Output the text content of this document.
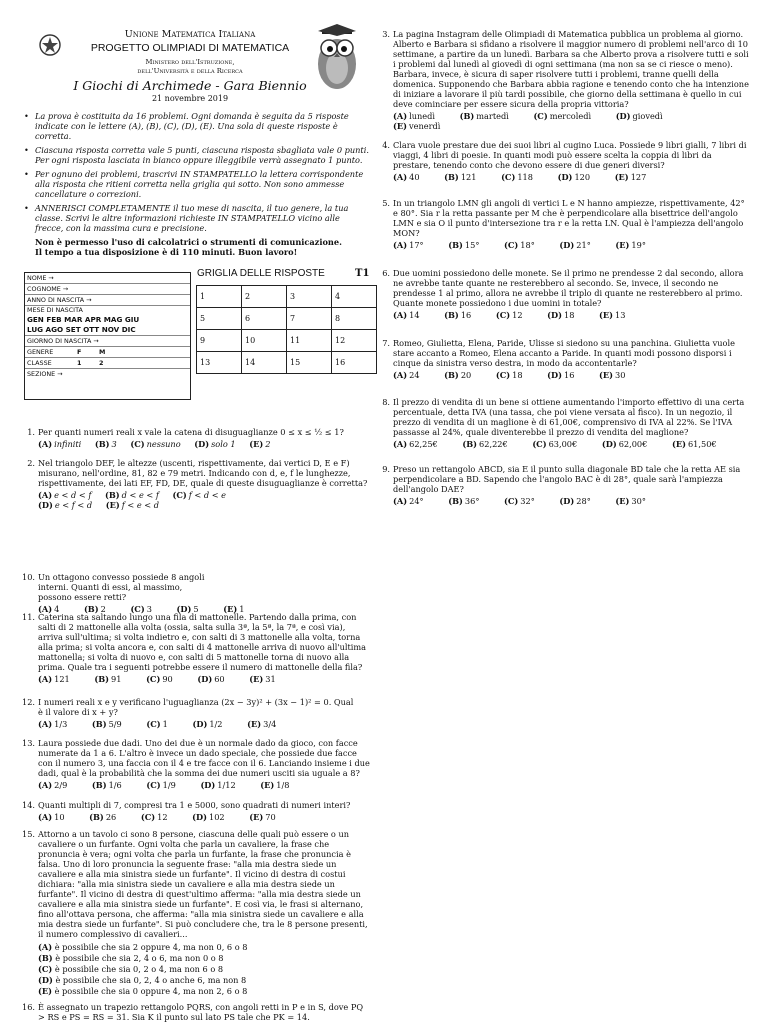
Unione Matematica Italiana
PROGETTO OLIMPIADI DI MATEMATICA
Ministero dell'Istruzione,
dell'Università e della Ricerca
I Giochi di Archimede - Gara Biennio
21 novembre 2019
• La prova è costituita da 16 problemi. Ogni domanda è seguita da 5 risposte indicate con le lettere (A), (B), (C), (D), (E). Una sola di queste risposte è corretta.
• Ciascuna risposta corretta vale 5 punti, ciascuna risposta sbagliata vale 0 punti. Per ogni risposta lasciata in bianco oppure illeggibile verrà assegnato 1 punto.
• Per ognuno dei problemi, trascrivi IN STAMPATELLO la lettera corrispondente alla risposta che ritieni corretta nella griglia qui sotto. Non sono ammesse cancellature o correzioni.
• ANNERISCI COMPLETAMENTE il tuo mese di nascita, il tuo genere, la tua classe. Scrivi le altre informazioni richieste IN STAMPATELLO vicino alle frecce, con la massima cura e precisione.
Non è permesso l'uso di calcolatrici o strumenti di comunicazione.
Il tempo a tua disposizione è di 110 minuti. Buon lavoro!
NOME →
COGNOME →
ANNO DI NASCITA →
MESE DI NASCITA
GEN FEB MAR APR MAG GIU
LUG AGO SET OTT NOV DIC
GIORNO DI NASCITA →
GENERE	F	M
CLASSE	1	2
SEZIONE →
GRIGLIA DELLE RISPOSTE	T1
1	2	3	4
5	6	7	8
9	10	11	12
13	14	15	16
1. Per quanti numeri reali x vale la catena di disuguaglianze 0 ≤ x ≤ ½ ≤ 1?
(A) infiniti (B) 3 (C) nessuno (D) solo 1 (E) 2
2. Nel triangolo DEF, le altezze (uscenti, rispettivamente, dai vertici D, E e F) misurano, nell'ordine, 81, 82 e 79 metri. Indicando con d, e, f le lunghezze, rispettivamente, dei lati EF, FD, DE, quale di queste disuguaglianze è corretta?
(A) e < d < f (B) d < e < f (C) f < d < e
(D) e < f < d (E) f < e < d
10. Un ottagono convesso possiede 8 angoli interni. Quanti di essi, al massimo, possono essere retti?
(A) 4	(B) 2	(C) 3	(D) 5	(E) 1
11. Caterina sta saltando lungo una fila di mattonelle. Partendo dalla prima, con salti di 2 mattonelle alla volta (ossia, salta sulla 3ª, la 5ª, la 7ª, e così via), arriva sull'ultima; si volta indietro e, con salti di 3 mattonelle alla volta, torna alla prima; si volta ancora e, con salti di 4 mattonelle arriva di nuovo all'ultima mattonella; si volta di nuovo e, con salti di 5 mattonelle torna di nuovo alla prima. Quale tra i seguenti potrebbe essere il numero di mattonelle della fila?
(A) 121	(B) 91	(C) 90	(D) 60	(E) 31
12. I numeri reali x e y verificano l'uguaglianza (2x − 3y)² + (3x − 1)² = 0. Qual è il valore di x + y?
(A) 1/3	(B) 5/9	(C) 1	(D) 1/2	(E) 3/4
13. Laura possiede due dadi. Uno dei due è un normale dado da gioco, con facce numerate da 1 a 6. L'altro è invece un dado speciale, che possiede due facce con il numero 3, una faccia con il 4 e tre facce con il 6. Lanciando insieme i due dadi, qual è la probabilità che la somma dei due numeri usciti sia uguale a 8?
(A) 2/9	(B) 1/6	(C) 1/9	(D) 1/12	(E) 1/8
14. Quanti multipli di 7, compresi tra 1 e 5000, sono quadrati di numeri interi?
(A) 10	(B) 26	(C) 12	(D) 102	(E) 70
15. Attorno a un tavolo ci sono 8 persone, ciascuna delle quali può essere o un cavaliere o un furfante. Ogni volta che parla un cavaliere, la frase che pronuncia è vera; ogni volta che parla un furfante, la frase che pronuncia è falsa. Uno di loro pronuncia la seguente frase: "alla mia destra siede un cavaliere e alla mia sinistra siede un furfante". Il vicino di destra di costui dichiara: "alla mia sinistra siede un cavaliere e alla mia destra siede un furfante". Il vicino di destra di quest'ultimo afferma: "alla mia destra siede un cavaliere e alla mia sinistra siede un furfante". E così via, le frasi si alternano, fino all'ottava persona, che afferma: "alla mia sinistra siede un cavaliere e alla mia destra siede un furfante". Si può concludere che, tra le 8 persone presenti, il numero complessivo di cavalieri...
(A) è possibile che sia 2 oppure 4, ma non 0, 6 o 8
(B) è possibile che sia 2, 4 o 6, ma non 0 o 8
(C) è possibile che sia 0, 2 o 4, ma non 6 o 8
(D) è possibile che sia 0, 2, 4 o anche 6, ma non 8
(E) è possibile che sia 0 oppure 4, ma non 2, 6 o 8
16. È assegnato un trapezio rettangolo PQRS, con angoli retti in P e in S, dove PQ > RS e PS = RS = 31. Sia K il punto sul lato PS tale che PK = 14.
3. La pagina Instagram delle Olimpiadi di Matematica pubblica un problema al giorno. Alberto e Barbara si sfidano a risolvere il maggior numero di problemi nell'arco di 10 settimane, a partire da un lunedì. Barbara sa che Alberto prova a risolvere tutti e soli i problemi dal lunedì al giovedì di ogni settimana (ma non sa se ci riesce o meno). Barbara, invece, è sicura di saper risolvere tutti i problemi, tranne quelli della domenica. Supponendo che Barbara abbia ragione e tenendo conto che ha intenzione di iniziare a lavorare il più tardi possibile, che giorno della settimana è quello in cui deve cominciare per essere sicura della propria vittoria?
(A) lunedì	(B) martedì	(C) mercoledì	(D) giovedì (E) venerdì
4. Clara vuole prestare due dei suoi libri al cugino Luca. Possiede 9 libri gialli, 7 libri di viaggi, 4 libri di poesie. In quanti modi può essere scelta la coppia di libri da prestare, tenendo conto che devono essere di due generi diversi?
(A) 40	(B) 121	(C) 118	(D) 120	(E) 127
5. In un triangolo LMN gli angoli di vertici L e N hanno ampiezze, rispettivamente, 42° e 80°. Sia r la retta passante per M che è perpendicolare alla bisettrice dell'angolo LMN e sia O il punto d'intersezione tra r e la retta LN. Qual è l'ampiezza dell'angolo MON?
(A) 17°	(B) 15°	(C) 18°	(D) 21°	(E) 19°
6. Due uomini possiedono delle monete. Se il primo ne prendesse 2 dal secondo, allora ne avrebbe tante quante ne resterebbero al secondo. Se, invece, il secondo ne prendesse 1 al primo, allora ne avrebbe il triplo di quante ne resterebbero al primo. Quante monete possiedono i due uomini in totale?
(A) 14	(B) 16	(C) 12	(D) 18	(E) 13
7. Romeo, Giulietta, Elena, Paride, Ulisse si siedono su una panchina. Giulietta vuole stare accanto a Romeo, Elena accanto a Paride. In quanti modi possono disporsi i cinque da sinistra verso destra, in modo da accontentarle?
(A) 24	(B) 20	(C) 18	(D) 16	(E) 30
8. Il prezzo di vendita di un bene si ottiene aumentando l'importo effettivo di una certa percentuale, detta IVA (una tassa, che poi viene versata al fisco). In un negozio, il prezzo di vendita di un maglione è di 61,00€, comprensivo di IVA al 22%. Se l'IVA passasse al 24%, quale diventerebbe il prezzo di vendita del maglione?
(A) 62,25€	(B) 62,22€	(C) 63,00€	(D) 62,00€	(E) 61,50€
9. Preso un rettangolo ABCD, sia E il punto sulla diagonale BD tale che la retta AE sia perpendicolare a BD. Sapendo che l'angolo BAC è di 28°, quale sarà l'ampiezza dell'angolo DAE?
(A) 24°	(B) 36°	(C) 32°	(D) 28°	(E) 30°
